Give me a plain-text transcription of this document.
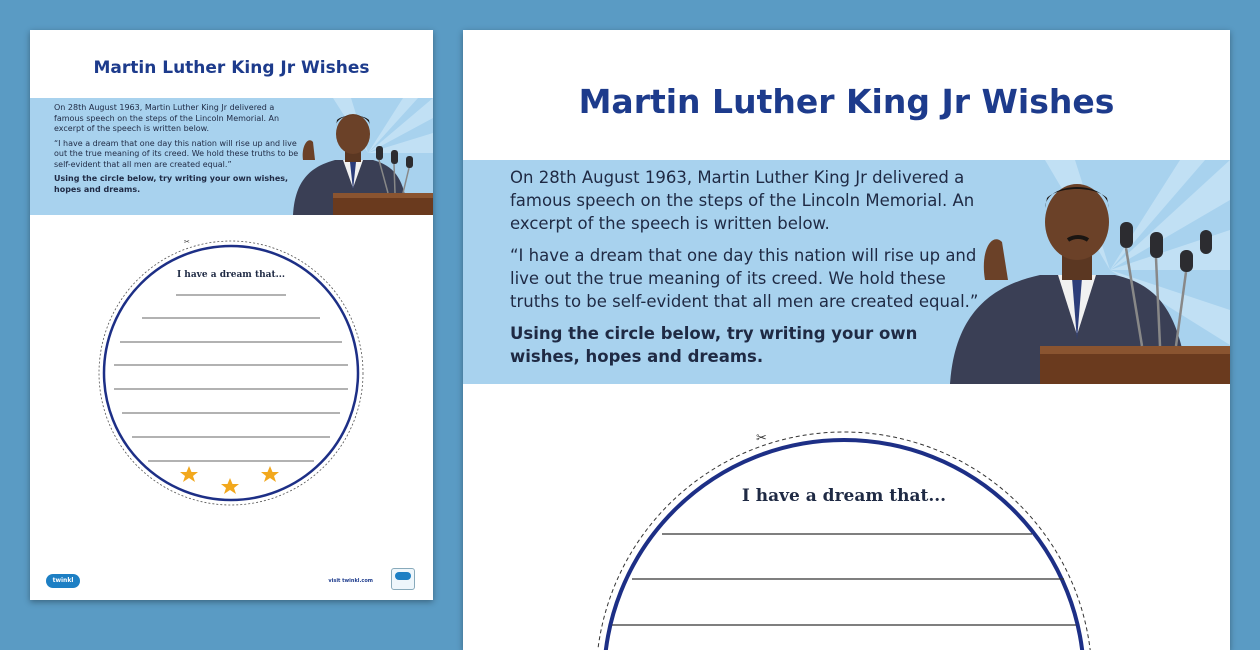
Martin Luther King Jr Wishes

On 28th August 1963, Martin Luther King Jr delivered a famous speech on the steps of the Lincoln Memorial. An excerpt of the speech is written below.

“I have a dream that one day this nation will rise up and live out the true meaning of its creed. We hold these truths to be self-evident that all men are created equal.”

Using the circle below, try writing your own wishes, hopes and dreams.

✂
I have a dream that...
twinkl	visit twinkl.com
Martin Luther King Jr Wishes

On 28th August 1963, Martin Luther King Jr delivered a famous speech on the steps of the Lincoln Memorial. An excerpt of the speech is written below.

“I have a dream that one day this nation will rise up and live out the true meaning of its creed. We hold these truths to be self-evident that all men are created equal.”

Using the circle below, try writing your own wishes, hopes and dreams.

✂
I have a dream that...
